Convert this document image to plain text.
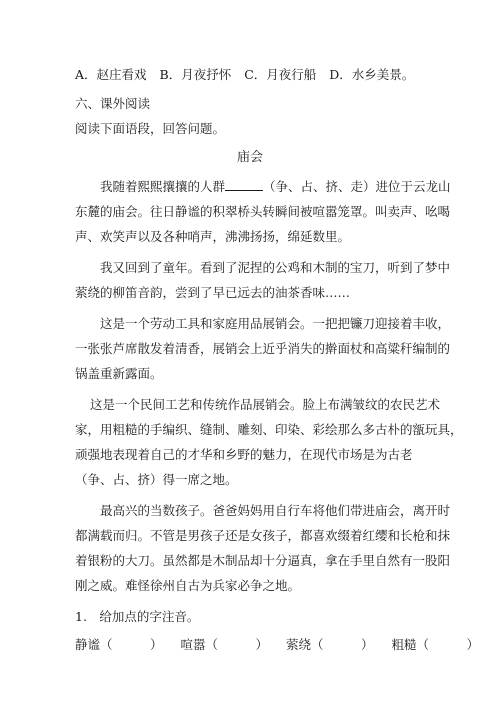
A．赵庄看戏 B．月夜抒怀 C．月夜行船 D．水乡美景。
六、课外阅读
阅读下面语段，回答问题。
庙会
我随着熙熙攘攘的人群	（争、占、挤、走）进位于云龙山
东麓的庙会。往日静谧的积翠桥头转瞬间被喧嚣笼罩。叫卖声、吆喝
声、欢笑声以及各种哨声，沸沸扬扬，绵延数里。
我又回到了童年。看到了泥捏的公鸡和木制的宝刀，听到了梦中
萦绕的柳笛音韵，尝到了早已远去的油茶香味……
这是一个劳动工具和家庭用品展销会。一把把镰刀迎接着丰收，
一张张芦席散发着清香，展销会上近乎消失的擀面杖和高粱秆编制的
锅盖重新露面。
这是一个民间工艺和传统作品展销会。脸上布满皱纹的农民艺术
家，用粗糙的手编织、缝制、雕刻、印染、彩绘那么多古朴的㼸玩具，
顽强地表现着自己的才华和乡野的魅力，在现代市场是为古老
（争、占、挤）得一席之地。
最高兴的当数孩子。爸爸妈妈用自行车将他们带进庙会，离开时
都满载而归。不管是男孩子还是女孩子，都喜欢缀着红缨和长枪和抹
着银粉的大刀。虽然都是木制品却十分逼真，拿在手里自然有一股阳
刚之威。难怪徐州自古为兵家必争之地。
1.　给加点的字注音。
静谧（　　　） 喧嚣（　　　） 萦绕（　　　） 粗糙（　　　）
